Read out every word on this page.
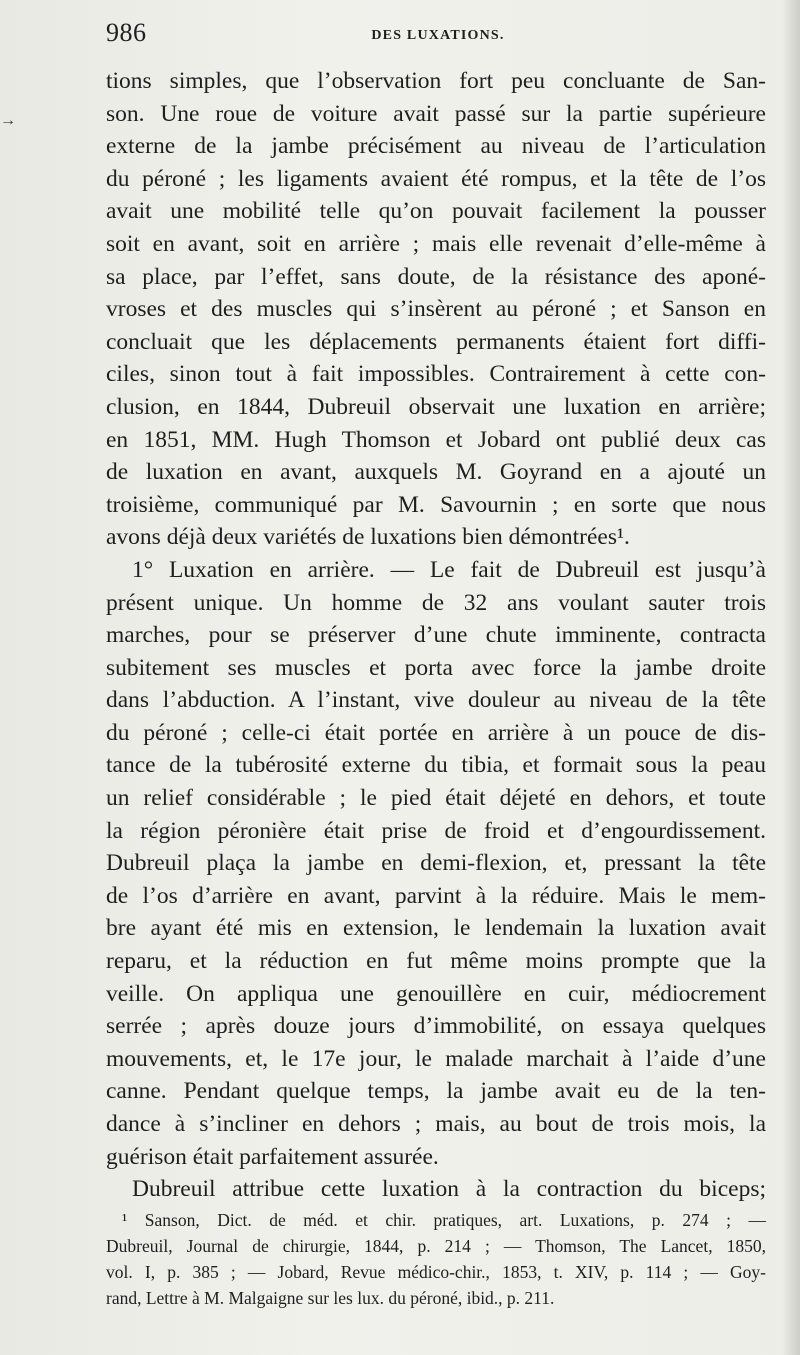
→
986	DES LUXATIONS.
tions simples, que l’observation fort peu concluante de San-
son. Une roue de voiture avait passé sur la partie supérieure
externe de la jambe précisément au niveau de l’articulation
du péroné ; les ligaments avaient été rompus, et la tête de l’os
avait une mobilité telle qu’on pouvait facilement la pousser
soit en avant, soit en arrière ; mais elle revenait d’elle-même à
sa place, par l’effet, sans doute, de la résistance des aponé-
vroses et des muscles qui s’insèrent au péroné ; et Sanson en
concluait que les déplacements permanents étaient fort diffi-
ciles, sinon tout à fait impossibles. Contrairement à cette con-
clusion, en 1844, Dubreuil observait une luxation en arrière;
en 1851, MM. Hugh Thomson et Jobard ont publié deux cas
de luxation en avant, auxquels M. Goyrand en a ajouté un
troisième, communiqué par M. Savournin ; en sorte que nous
avons déjà deux variétés de luxations bien démontrées¹.
1° Luxation en arrière. — Le fait de Dubreuil est jusqu’à
présent unique. Un homme de 32 ans voulant sauter trois
marches, pour se préserver d’une chute imminente, contracta
subitement ses muscles et porta avec force la jambe droite
dans l’abduction. A l’instant, vive douleur au niveau de la tête
du péroné ; celle-ci était portée en arrière à un pouce de dis-
tance de la tubérosité externe du tibia, et formait sous la peau
un relief considérable ; le pied était déjeté en dehors, et toute
la région péronière était prise de froid et d’engourdissement.
Dubreuil plaça la jambe en demi-flexion, et, pressant la tête
de l’os d’arrière en avant, parvint à la réduire. Mais le mem-
bre ayant été mis en extension, le lendemain la luxation avait
reparu, et la réduction en fut même moins prompte que la
veille. On appliqua une genouillère en cuir, médiocrement
serrée ; après douze jours d’immobilité, on essaya quelques
mouvements, et, le 17e jour, le malade marchait à l’aide d’une
canne. Pendant quelque temps, la jambe avait eu de la ten-
dance à s’incliner en dehors ; mais, au bout de trois mois, la
guérison était parfaitement assurée.
Dubreuil attribue cette luxation à la contraction du biceps;
¹ Sanson, Dict. de méd. et chir. pratiques, art. Luxations, p. 274 ; —
Dubreuil, Journal de chirurgie, 1844, p. 214 ; — Thomson, The Lancet, 1850,
vol. I, p. 385 ; — Jobard, Revue médico-chir., 1853, t. XIV, p. 114 ; — Goy-
rand, Lettre à M. Malgaigne sur les lux. du péroné, ibid., p. 211.
